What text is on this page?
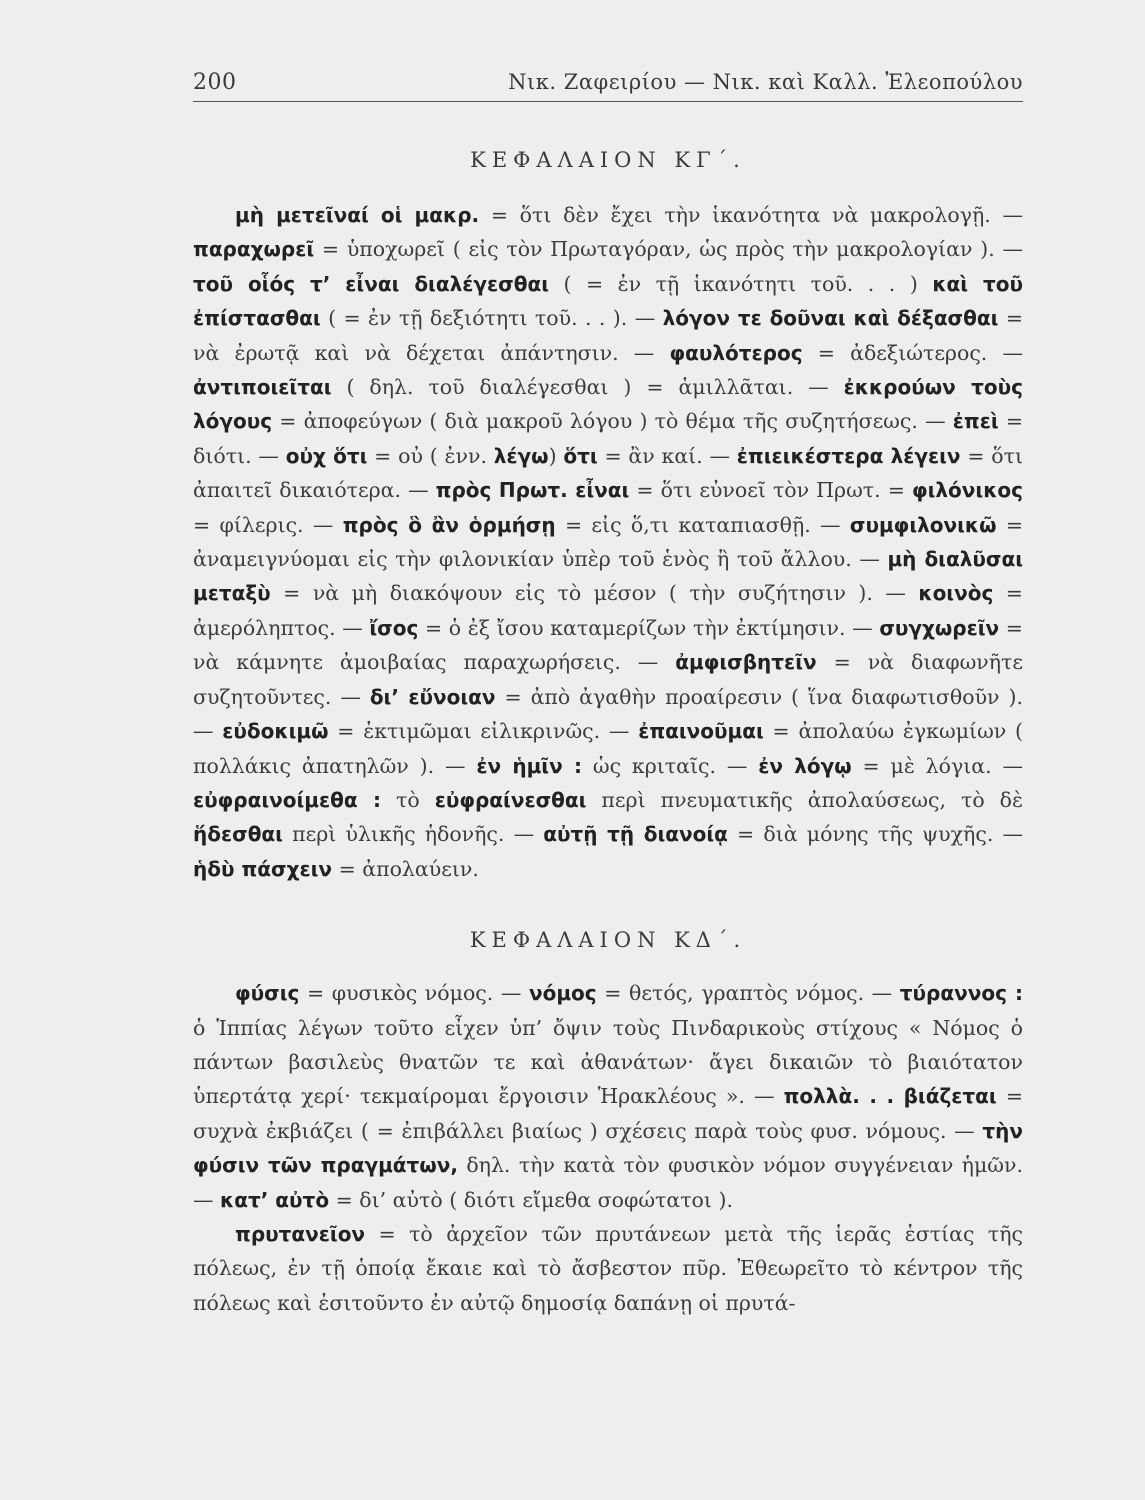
200	Νικ. Ζαφειρίου — Νικ. καὶ Καλλ. Ἐλεοπούλου
ΚΕΦΑΛΑΙΟΝ ΚΓ΄.

μὴ μετεῖναί οἱ μακρ. = ὅτι δὲν ἔχει τὴν ἱκανότητα νὰ μακρολογῇ. — παραχωρεῖ = ὑποχωρεῖ ( εἰς τὸν Πρωταγόραν, ὡς πρὸς τὴν μακρολογίαν ). — τοῦ οἷός τ’ εἶναι διαλέγεσθαι ( = ἐν τῇ ἱκανότητι τοῦ. . . ) καὶ τοῦ ἐπίστασθαι ( = ἐν τῇ δεξιότητι τοῦ. . . ). — λόγον τε δοῦναι καὶ δέξασθαι = νὰ ἐρωτᾷ καὶ νὰ δέχεται ἀπάντησιν. — φαυλότερος = ἀδεξιώτερος. — ἀντιποιεῖται ( δηλ. τοῦ διαλέγεσθαι ) = ἁμιλλᾶται. — ἐκκρούων τοὺς λόγους = ἀποφεύγων ( διὰ μακροῦ λόγου ) τὸ θέμα τῆς συζητήσεως. — ἐπεὶ = διότι. — οὐχ ὅτι = οὐ ( ἐνν. λέγω) ὅτι = ἂν καί. — ἐπιεικέστερα λέγειν = ὅτι ἀπαιτεῖ δικαιότερα. — πρὸς Πρωτ. εἶναι = ὅτι εὐνοεῖ τὸν Πρωτ. = φιλόνικος = φίλερις. — πρὸς ὃ ἂν ὁρμήσῃ = εἰς ὅ,τι καταπιασθῇ. — συμφιλονικῶ = ἀναμειγνύομαι εἰς τὴν φιλονικίαν ὑπὲρ τοῦ ἑνὸς ἢ τοῦ ἄλλου. — μὴ διαλῦσαι μεταξὺ = νὰ μὴ διακόψουν εἰς τὸ μέσον ( τὴν συζήτησιν ). — κοινὸς = ἀμερόληπτος. — ἴσος = ὁ ἐξ ἴσου καταμερίζων τὴν ἐκτίμησιν. — συγχωρεῖν = νὰ κάμνητε ἀμοιβαίας παραχωρήσεις. — ἀμφισβητεῖν = νὰ διαφωνῆτε συζητοῦντες. — δι’ εὔνοιαν = ἀπὸ ἀγαθὴν προαίρεσιν ( ἵνα διαφωτισθοῦν ). — εὐδοκιμῶ = ἐκτιμῶμαι εἰλικρινῶς. — ἐπαινοῦμαι = ἀπολαύω ἐγκωμίων ( πολλάκις ἀπατηλῶν ). — ἐν ἡμῖν : ὡς κριταῖς. — ἐν λόγῳ = μὲ λόγια. — εὐφραινοίμεθα : τὸ εὐφραίνεσθαι περὶ πνευματικῆς ἀπολαύσεως, τὸ δὲ ἥδεσθαι περὶ ὑλικῆς ἡδονῆς. — αὐτῇ τῇ διανοίᾳ = διὰ μόνης τῆς ψυχῆς. — ἡδὺ πάσχειν = ἀπολαύειν.

ΚΕΦΑΛΑΙΟΝ ΚΔ΄.

φύσις = φυσικὸς νόμος. — νόμος = θετός, γραπτὸς νόμος. — τύραννος : ὁ Ἱππίας λέγων τοῦτο εἶχεν ὑπ’ ὄψιν τοὺς Πινδαρικοὺς στίχους « Νόμος ὁ πάντων βασιλεὺς θνατῶν τε καὶ ἀθανάτων· ἄγει δικαιῶν τὸ βιαιότατον ὑπερτάτᾳ χερί· τεκμαίρομαι ἔργοισιν Ἡρακλέους ». — πολλὰ. . . βιάζεται = συχνὰ ἐκβιάζει ( = ἐπιβάλλει βιαίως ) σχέσεις παρὰ τοὺς φυσ. νόμους. — τὴν φύσιν τῶν πραγμάτων, δηλ. τὴν κατὰ τὸν φυσικὸν νόμον συγγένειαν ἡμῶν. — κατ’ αὐτὸ = δι’ αὐτὸ ( διότι εἴμεθα σοφώτατοι ).

πρυτανεῖον = τὸ ἀρχεῖον τῶν πρυτάνεων μετὰ τῆς ἱερᾶς ἑστίας τῆς πόλεως, ἐν τῇ ὁποίᾳ ἔκαιε καὶ τὸ ἄσβεστον πῦρ. Ἐθεωρεῖτο τὸ κέντρον τῆς πόλεως καὶ ἐσιτοῦντο ἐν αὐτῷ δημοσίᾳ δαπάνῃ οἱ πρυτά-
